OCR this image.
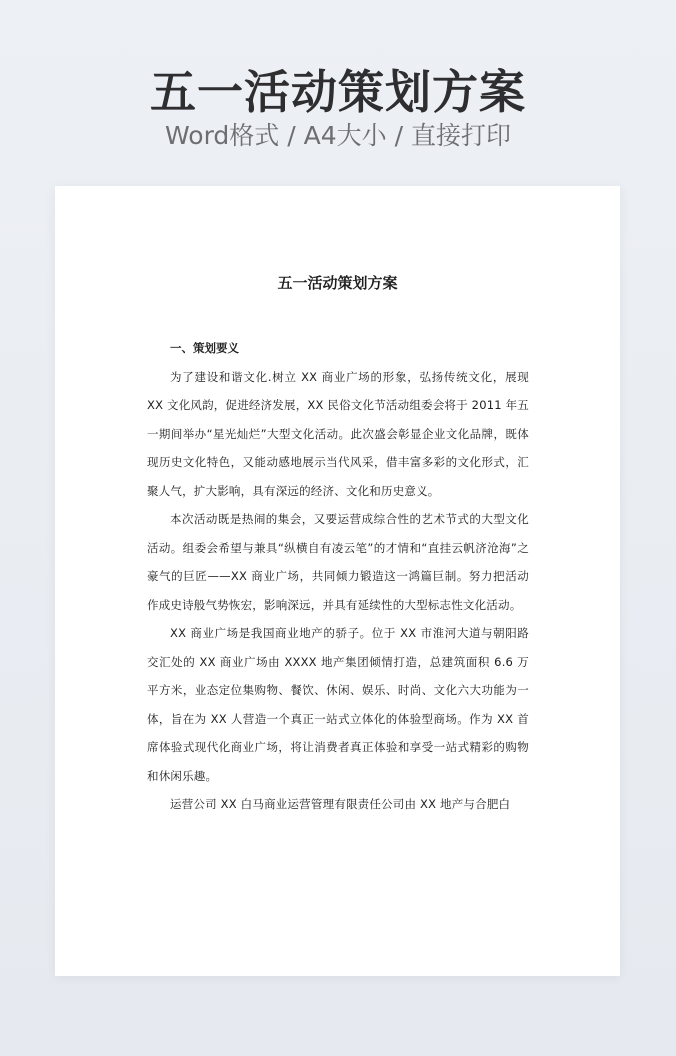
五一活动策划方案
Word格式 / A4大小 / 直接打印
五一活动策划方案

一、策划要义

为了建设和谐文化.树立 XX 商业广场的形象，弘扬传统文化，展现 XX 文化风韵，促进经济发展，XX 民俗文化节活动组委会将于 2011 年五一期间举办“星光灿烂”大型文化活动。此次盛会彰显企业文化品牌，既体现历史文化特色，又能动感地展示当代风采，借丰富多彩的文化形式，汇聚人气，扩大影响，具有深远的经济、文化和历史意义。

本次活动既是热闹的集会，又要运营成综合性的艺术节式的大型文化活动。组委会希望与兼具“纵横自有凌云笔”的才情和“直挂云帆济沧海”之豪气的巨匠——XX 商业广场，共同倾力锻造这一鸿篇巨制。努力把活动作成史诗般气势恢宏，影响深远，并具有延续性的大型标志性文化活动。

XX 商业广场是我国商业地产的骄子。位于 XX 市淮河大道与朝阳路交汇处的 XX 商业广场由 XXXX 地产集团倾情打造，总建筑面积 6.6 万平方米，业态定位集购物、餐饮、休闲、娱乐、时尚、文化六大功能为一体，旨在为 XX 人营造一个真正一站式立体化的体验型商场。作为 XX 首席体验式现代化商业广场，将让消费者真正体验和享受一站式精彩的购物和休闲乐趣。

运营公司 XX 白马商业运营管理有限责任公司由 XX 地产与合肥白
